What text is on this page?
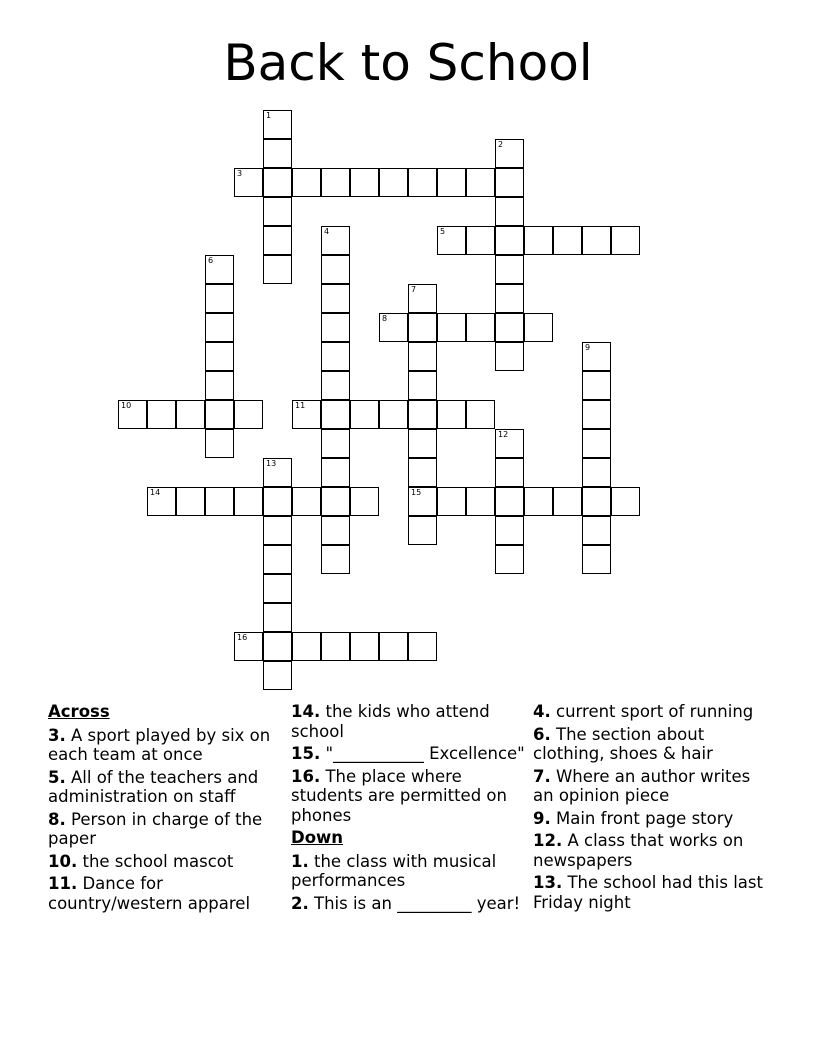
Back to School
1
2
3
4	5
6
7
15
8
9
10	11
12
13
14
16
Across
3. A sport played by six on each team at once
5. All of the teachers and administration on staff
8. Person in charge of the paper
10. the school mascot
11. Dance for country/western apparel
14. the kids who attend school
15. "___________ Excellence"
16. The place where students are permitted on phones
Down
1. the class with musical performances
2. This is an _________ year!
4. current sport of running
6. The section about clothing, shoes & hair
7. Where an author writes an opinion piece
9. Main front page story
12. A class that works on newspapers
13. The school had this last Friday night
